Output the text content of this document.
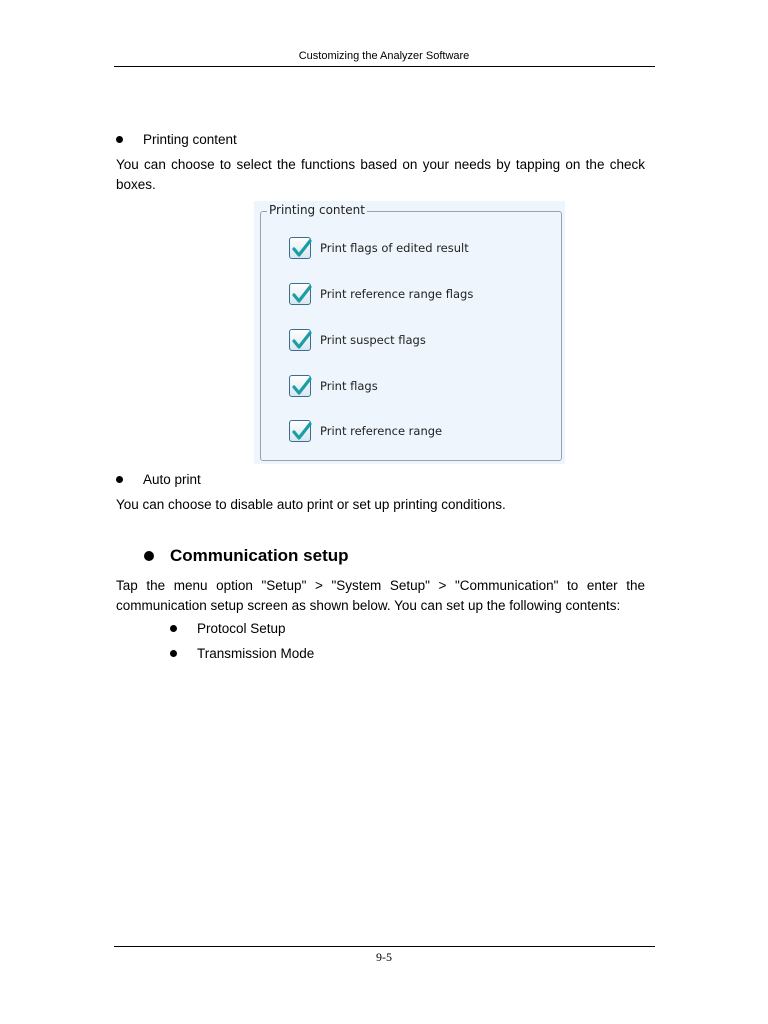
Customizing the Analyzer Software
Printing content
You can choose to select the functions based on your needs by tapping on the check boxes.
Printing content
Print flags of edited result
Print reference range flags
Print suspect flags
Print flags
Print reference range
Auto print
You can choose to disable auto print or set up printing conditions.
Communication setup
Tap the menu option "Setup" > "System Setup" > "Communication" to enter the communication setup screen as shown below. You can set up the following contents:
Protocol Setup
Transmission Mode
9-5
